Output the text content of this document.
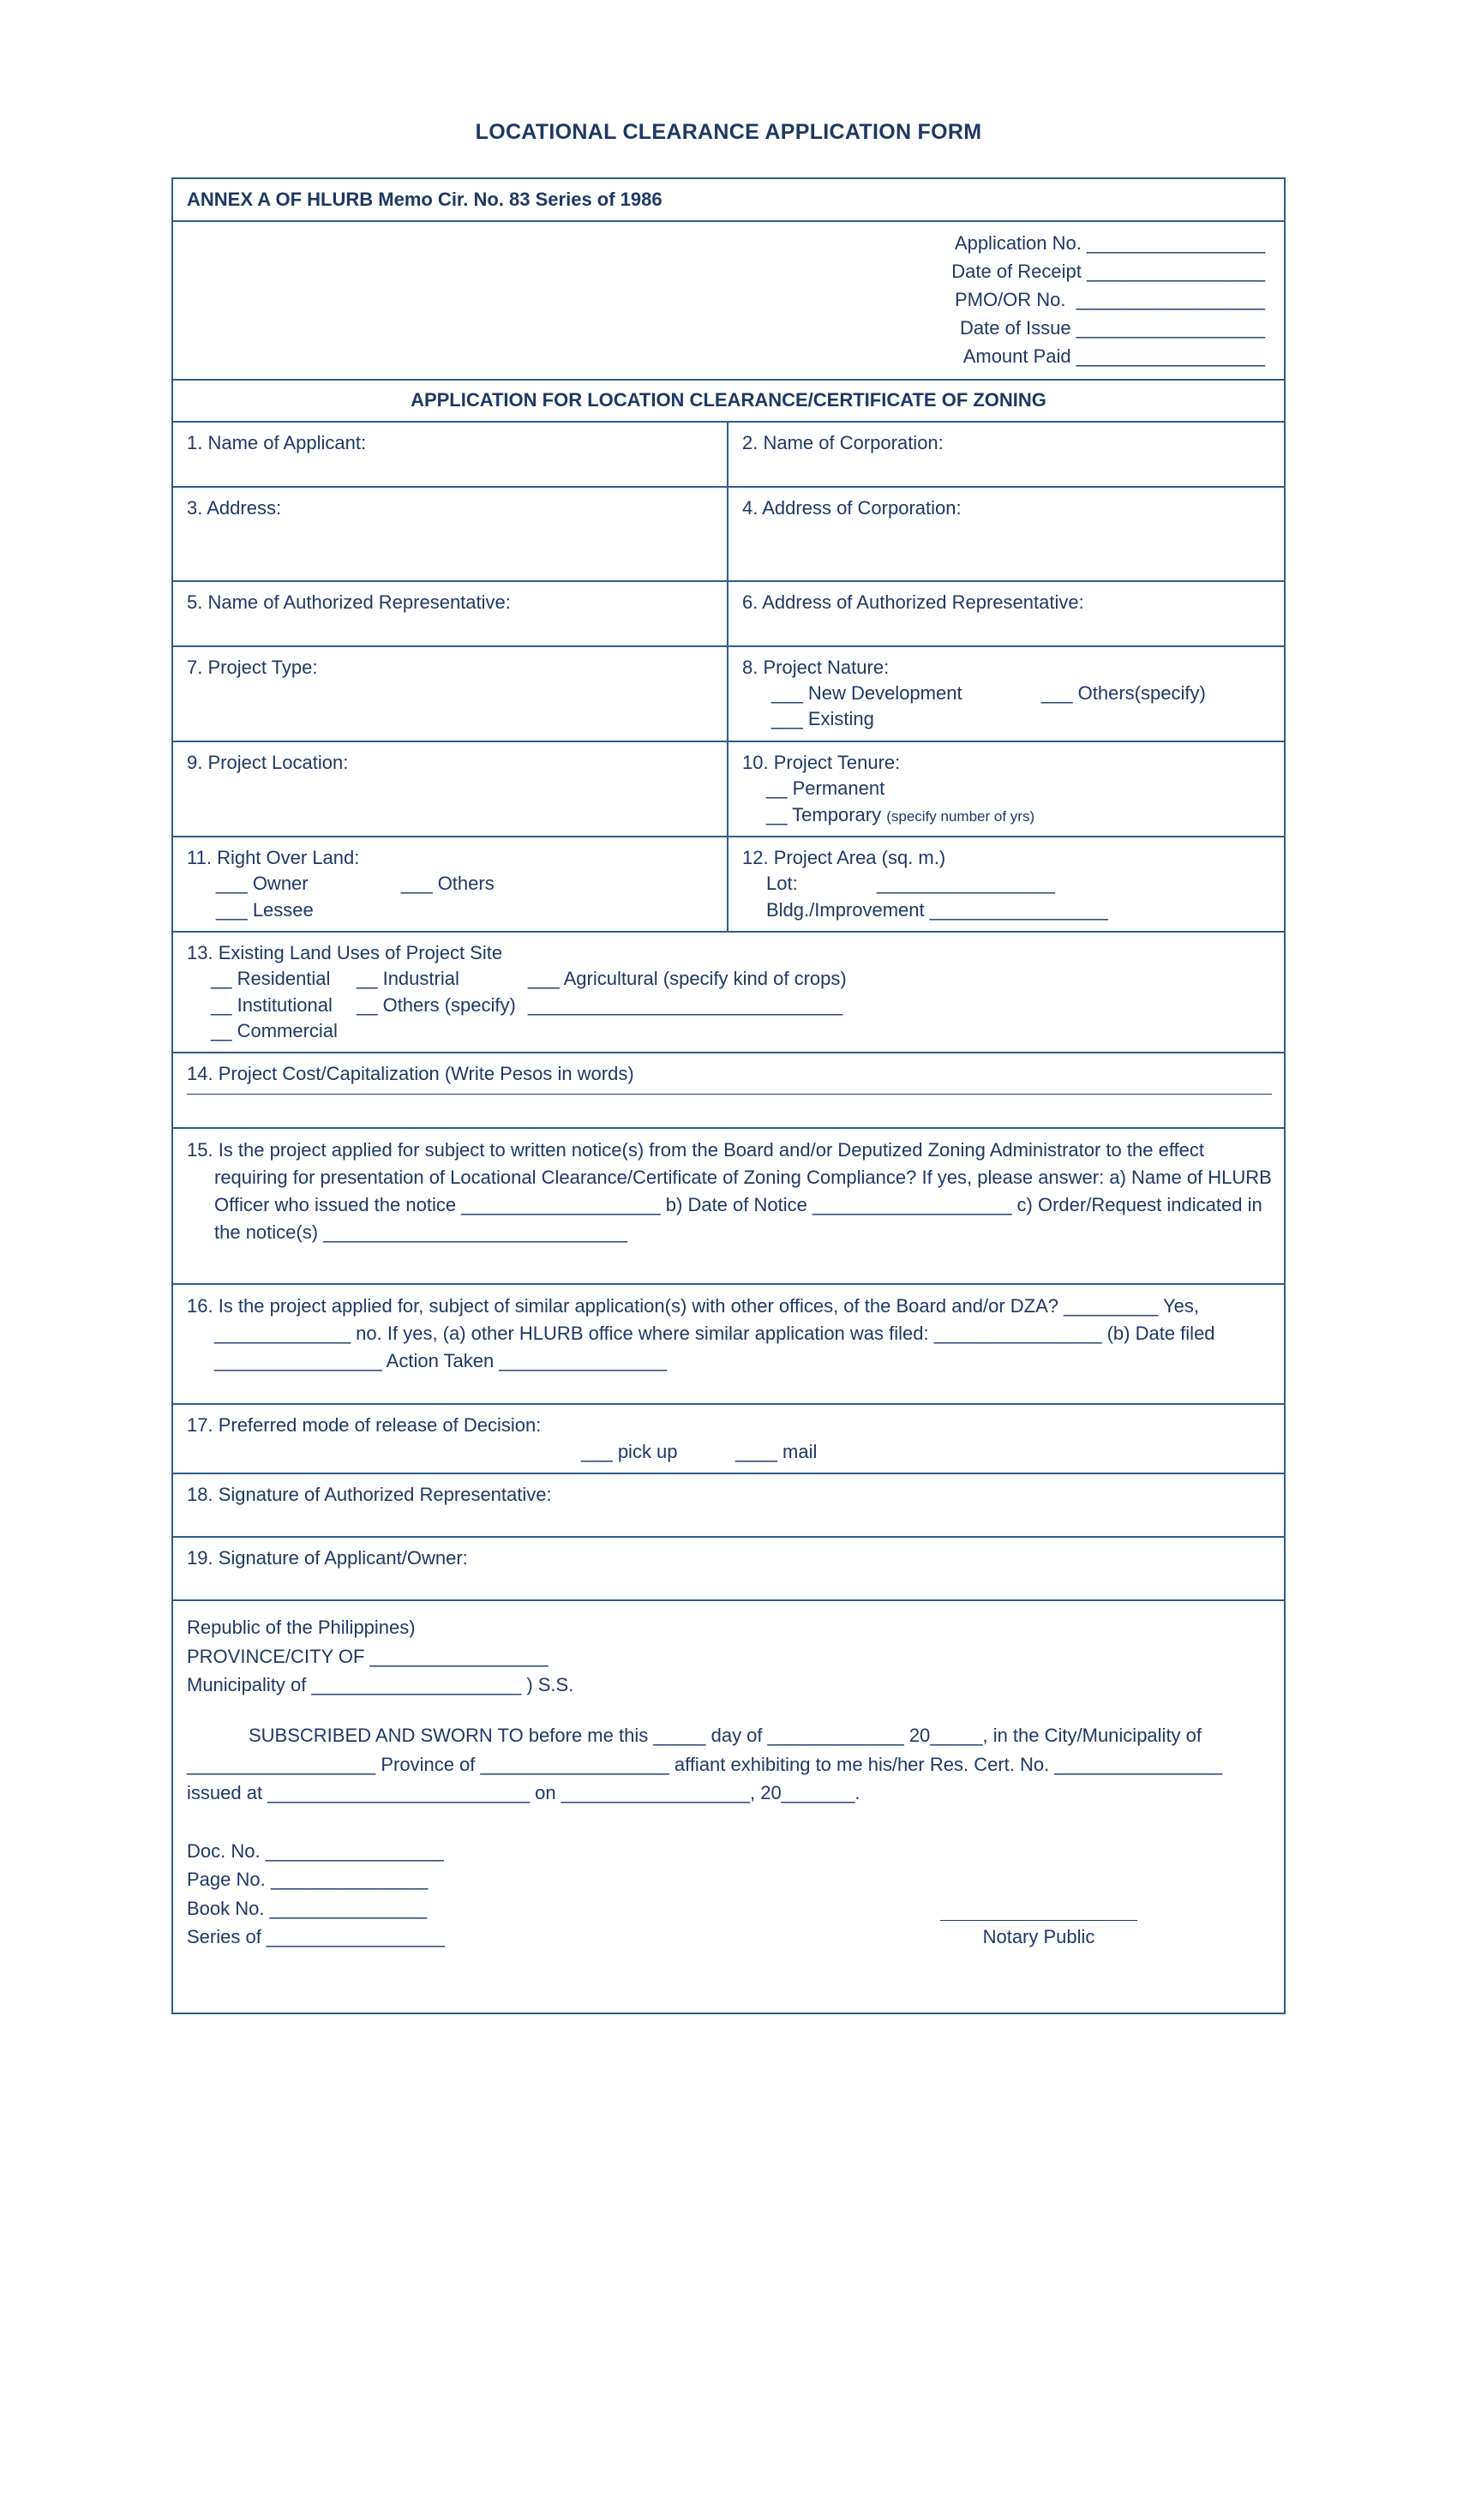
LOCATIONAL CLEARANCE APPLICATION FORM
ANNEX A OF HLURB Memo Cir. No. 83 Series of 1986
Application No. _________________
Date of Receipt _________________
PMO/OR No.  __________________
Date of Issue __________________
Amount Paid __________________
APPLICATION FOR LOCATION CLEARANCE/CERTIFICATE OF ZONING
1. Name of Applicant:	2. Name of Corporation:
3. Address:	4. Address of Corporation:
5. Name of Authorized Representative:	6. Address of Authorized Representative:
7. Project Type:	8. Project Nature:
___ New Development	___ Others(specify)
___ Existing
9. Project Location:	10. Project Tenure:
__ Permanent
__ Temporary (specify number of yrs)
11. Right Over Land:
___ Owner	___ Others
___ Lessee
12. Project Area (sq. m.)
Lot:	_________________
Bldg./Improvement _________________
13. Existing Land Uses of Project Site
__ Residential	__ Industrial	___ Agricultural (specify kind of crops)
__ Institutional	__ Others (specify) ______________________________
__ Commercial
14. Project Cost/Capitalization (Write Pesos in words)
15. Is the project applied for subject to written notice(s) from the Board and/or Deputized Zoning Administrator to the effect requiring for presentation of Locational Clearance/Certificate of Zoning Compliance? If yes, please answer: a) Name of HLURB Officer who issued the notice ___________________ b) Date of Notice ___________________ c) Order/Request indicated in the notice(s) _____________________________
16. Is the project applied for, subject of similar application(s) with other offices, of the Board and/or DZA? _________ Yes, _____________ no. If yes, (a) other HLURB office where similar application was filed: ________________ (b) Date filed ________________ Action Taken ________________
17. Preferred mode of release of Decision:
___ pick up	____ mail
18. Signature of Authorized Representative:
19. Signature of Applicant/Owner:
Republic of the Philippines)
PROVINCE/CITY OF _________________
Municipality of ____________________ ) S.S.
SUBSCRIBED AND SWORN TO before me this _____ day of _____________ 20_____, in the City/Municipality of __________________ Province of __________________ affiant exhibiting to me his/her Res. Cert. No. ________________ issued at _________________________ on __________________, 20_______.
Doc. No. _________________
Page No. _______________
Book No. _______________
Series of _________________	Notary Public
